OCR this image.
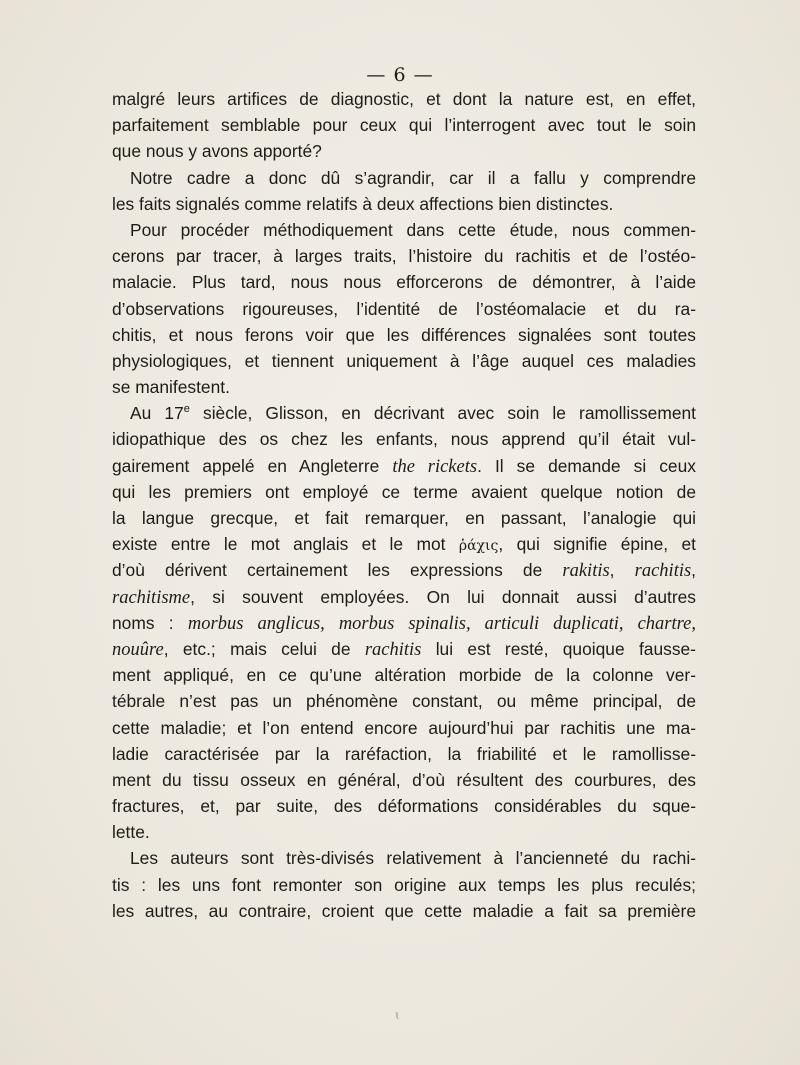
— 6 —
malgré leurs artifices de diagnostic, et dont la nature est, en effet,
parfaitement semblable pour ceux qui l’interrogent avec tout le soin
que nous y avons apporté?
Notre cadre a donc dû s’agrandir, car il a fallu y comprendre
les faits signalés comme relatifs à deux affections bien distinctes.
Pour procéder méthodiquement dans cette étude, nous commen-
cerons par tracer, à larges traits, l’histoire du rachitis et de l’ostéo-
malacie. Plus tard, nous nous efforcerons de démontrer, à l’aide
d’observations rigoureuses, l’identité de l’ostéomalacie et du ra-
chitis, et nous ferons voir que les différences signalées sont toutes
physiologiques, et tiennent uniquement à l’âge auquel ces maladies
se manifestent.
Au 17e siècle, Glisson, en décrivant avec soin le ramollissement
idiopathique des os chez les enfants, nous apprend qu’il était vul-
gairement appelé en Angleterre the rickets. Il se demande si ceux
qui les premiers ont employé ce terme avaient quelque notion de
la langue grecque, et fait remarquer, en passant, l’analogie qui
existe entre le mot anglais et le mot ῥάχις, qui signifie épine, et
d’où dérivent certainement les expressions de rakitis, rachitis,
rachitisme, si souvent employées. On lui donnait aussi d’autres
noms : morbus anglicus, morbus spinalis, articuli duplicati, chartre,
nouûre, etc.; mais celui de rachitis lui est resté, quoique fausse-
ment appliqué, en ce qu’une altération morbide de la colonne ver-
tébrale n’est pas un phénomène constant, ou même principal, de
cette maladie; et l’on entend encore aujourd’hui par rachitis une ma-
ladie caractérisée par la raréfaction, la friabilité et le ramollisse-
ment du tissu osseux en général, d’où résultent des courbures, des
fractures, et, par suite, des déformations considérables du sque-
lette.
Les auteurs sont très-divisés relativement à l’ancienneté du rachi-
tis : les uns font remonter son origine aux temps les plus reculés;
les autres, au contraire, croient que cette maladie a fait sa première
ɩ
